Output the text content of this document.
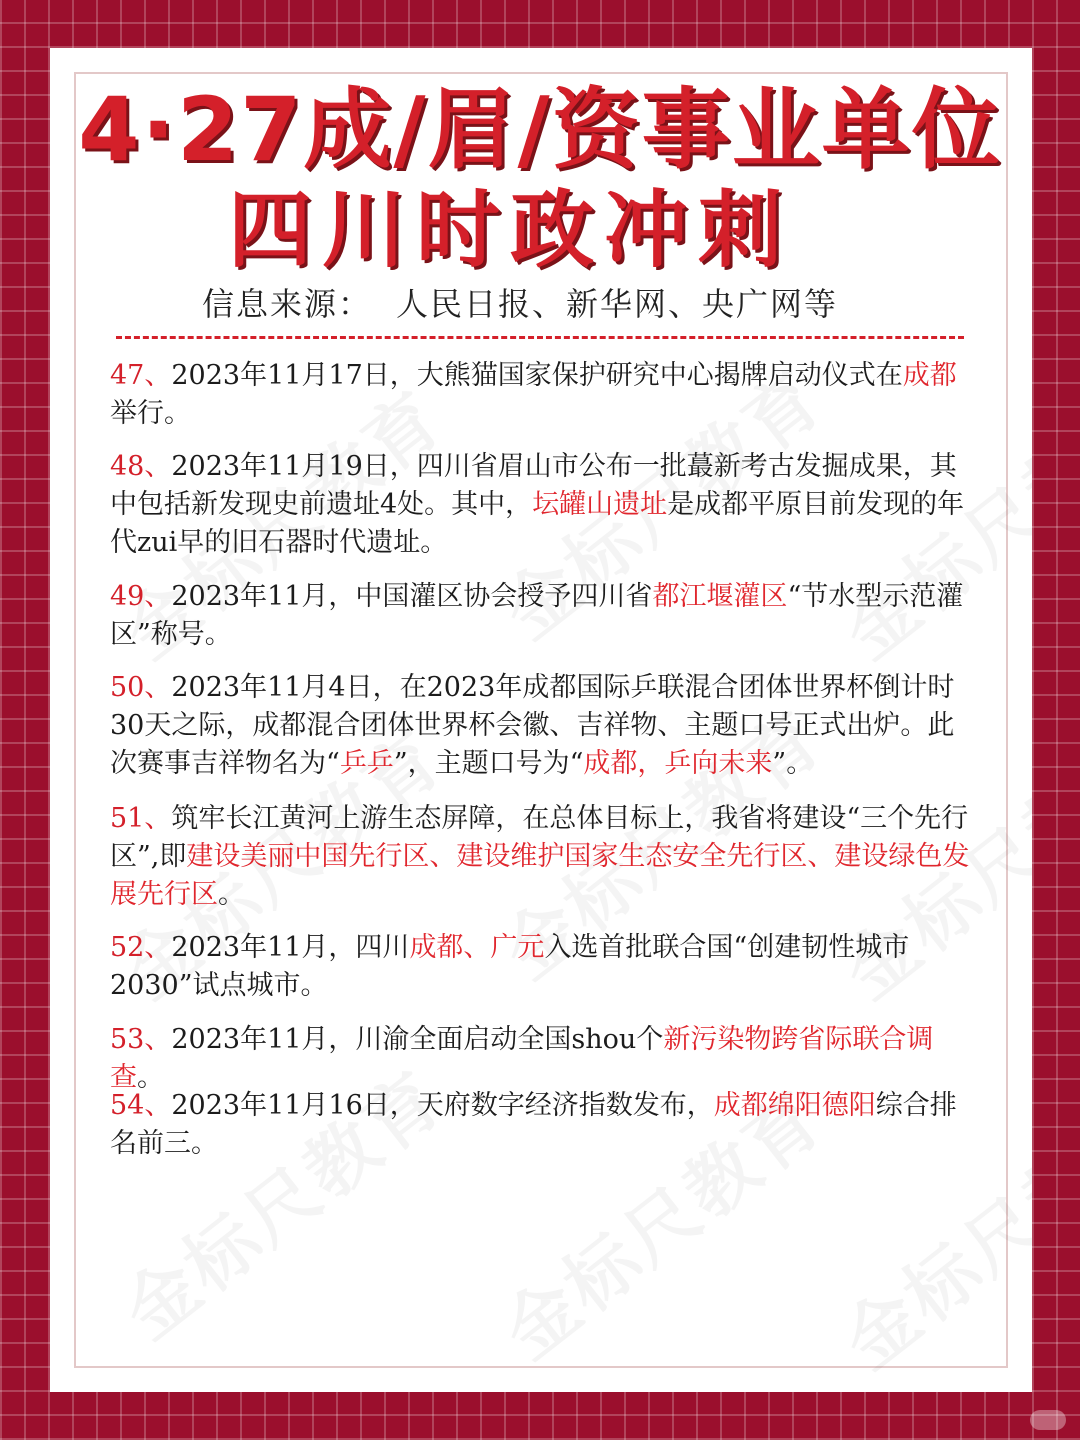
4·27成/眉/资事业单位
四川时政冲刺
信息来源： 人民日报、新华网、央广网等

47、2023年11月17日，大熊猫国家保护研究中心揭牌启动仪式在成都举行。

48、2023年11月19日，四川省眉山市公布一批蕞新考古发掘成果，其中包括新发现史前遗址4处。其中，坛罐山遗址是成都平原目前发现的年代zui早的旧石器时代遗址。

49、2023年11月，中国灌区协会授予四川省都江堰灌区“节水型示范灌区”称号。

50、2023年11月4日，在2023年成都国际乒联混合团体世界杯倒计时30天之际，成都混合团体世界杯会徽、吉祥物、主题口号正式出炉。此次赛事吉祥物名为“乒乒”，主题口号为“成都，乒向未来”。

51、筑牢长江黄河上游生态屏障，在总体目标上，我省将建设“三个先行区”,即建设美丽中国先行区、建设维护国家生态安全先行区、建设绿色发展先行区。

52、2023年11月，四川成都、广元入选首批联合国“创建韧性城市2030”试点城市。

53、2023年11月，川渝全面启动全国shou个新污染物跨省际联合调查。

54、2023年11月16日，天府数字经济指数发布，成都绵阳德阳综合排名前三。
